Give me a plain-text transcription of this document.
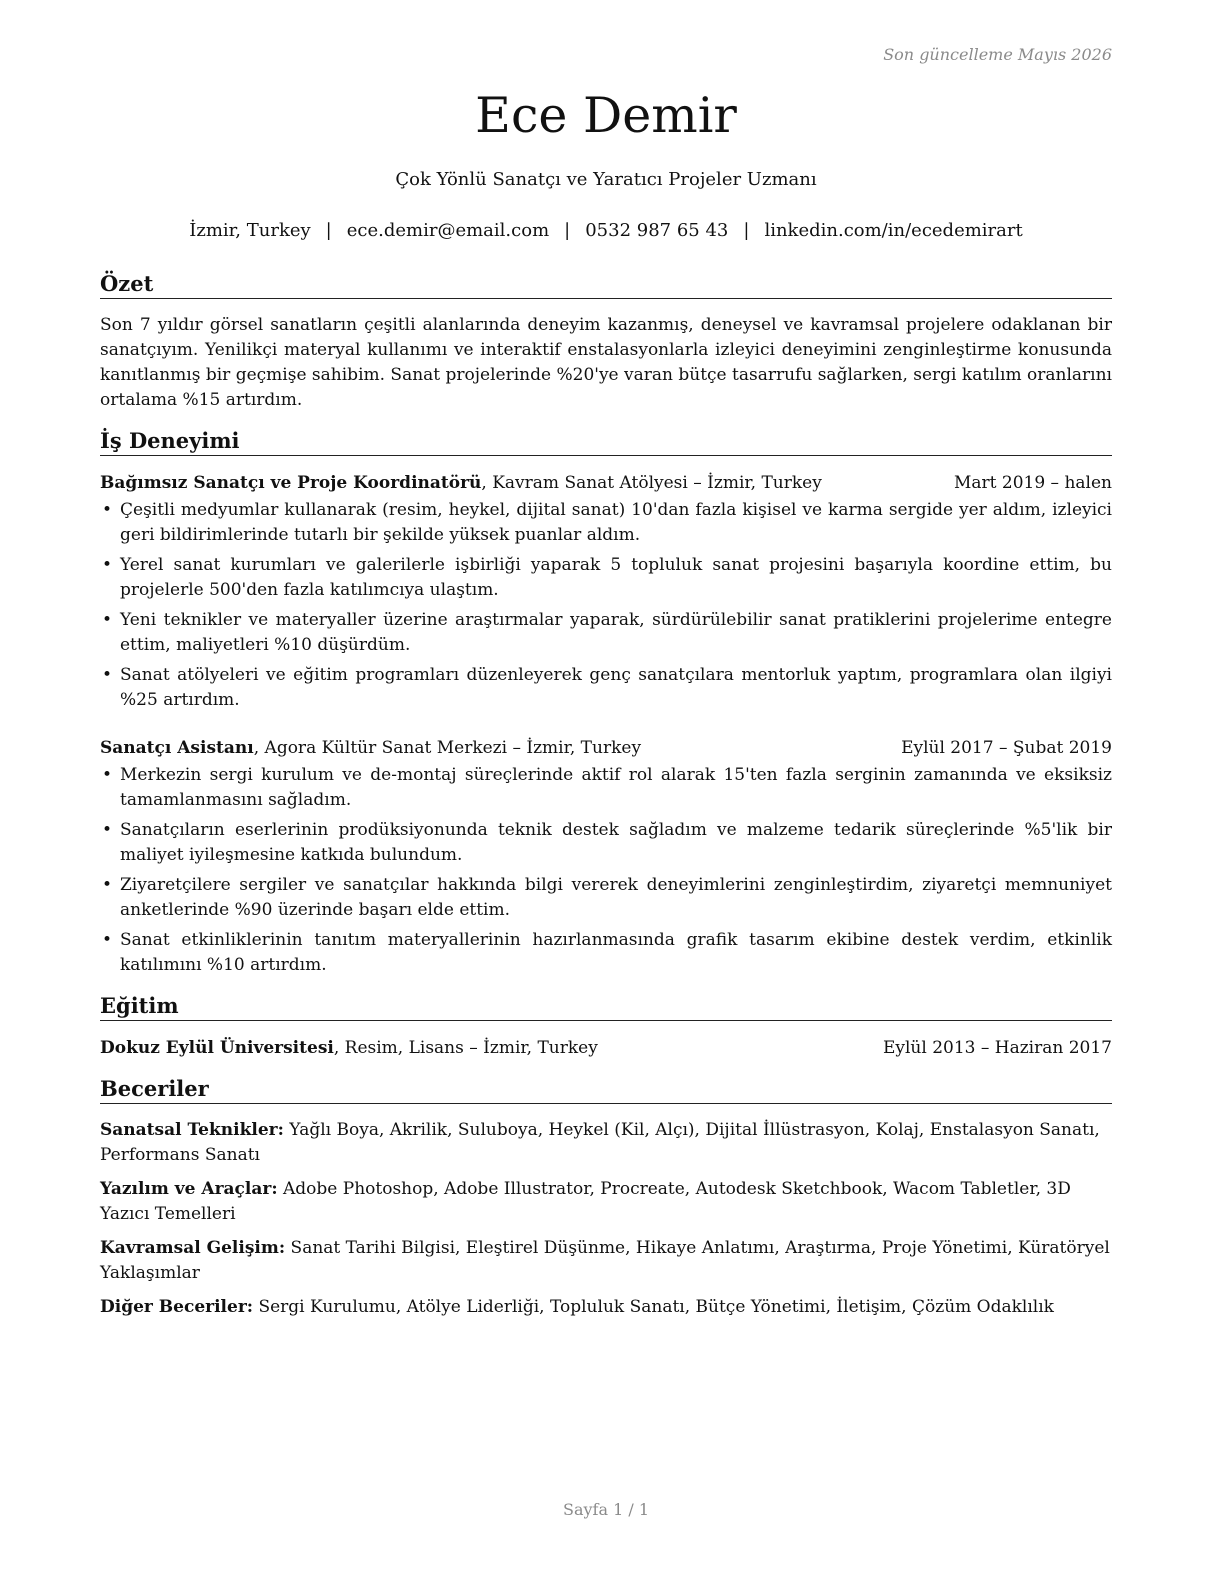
Son güncelleme Mayıs 2026
Ece Demir
Çok Yönlü Sanatçı ve Yaratıcı Projeler Uzmanı
İzmir, Turkey | ece.demir@email.com | 0532 987 65 43 | linkedin.com/in/ecedemirart
Özet

Son 7 yıldır görsel sanatların çeşitli alanlarında deneyim kazanmış, deneysel ve kavramsal projelere odaklanan bir sanatçıyım. Yenilikçi materyal kullanımı ve interaktif enstalasyonlarla izleyici deneyimini zenginleştirme konusunda kanıtlanmış bir geçmişe sahibim. Sanat projelerinde %20'ye varan bütçe tasarrufu sağlarken, sergi katılım oranlarını ortalama %15 artırdım.

İş Deneyimi
Bağımsız Sanatçı ve Proje Koordinatörü, Kavram Sanat Atölyesi – İzmir, Turkey	Mart 2019 – halen
• Çeşitli medyumlar kullanarak (resim, heykel, dijital sanat) 10'dan fazla kişisel ve karma sergide yer aldım, izleyici geri bildirimlerinde tutarlı bir şekilde yüksek puanlar aldım.
• Yerel sanat kurumları ve galerilerle işbirliği yaparak 5 topluluk sanat projesini başarıyla koordine ettim, bu projelerle 500'den fazla katılımcıya ulaştım.
• Yeni teknikler ve materyaller üzerine araştırmalar yaparak, sürdürülebilir sanat pratiklerini projelerime entegre ettim, maliyetleri %10 düşürdüm.
• Sanat atölyeleri ve eğitim programları düzenleyerek genç sanatçılara mentorluk yaptım, programlara olan ilgiyi %25 artırdım.
Sanatçı Asistanı, Agora Kültür Sanat Merkezi – İzmir, Turkey	Eylül 2017 – Şubat 2019
• Merkezin sergi kurulum ve de-montaj süreçlerinde aktif rol alarak 15'ten fazla serginin zamanında ve eksiksiz tamamlanmasını sağladım.
• Sanatçıların eserlerinin prodüksiyonunda teknik destek sağladım ve malzeme tedarik süreçlerinde %5'lik bir maliyet iyileşmesine katkıda bulundum.
• Ziyaretçilere sergiler ve sanatçılar hakkında bilgi vererek deneyimlerini zenginleştirdim, ziyaretçi memnuniyet anketlerinde %90 üzerinde başarı elde ettim.
• Sanat etkinliklerinin tanıtım materyallerinin hazırlanmasında grafik tasarım ekibine destek verdim, etkinlik katılımını %10 artırdım.
Eğitim
Dokuz Eylül Üniversitesi, Resim, Lisans – İzmir, Turkey	Eylül 2013 – Haziran 2017
Beceriler
Sanatsal Teknikler: Yağlı Boya, Akrilik, Suluboya, Heykel (Kil, Alçı), Dijital İllüstrasyon, Kolaj, Enstalasyon Sanatı, Performans Sanatı
Yazılım ve Araçlar: Adobe Photoshop, Adobe Illustrator, Procreate, Autodesk Sketchbook, Wacom Tabletler, 3D Yazıcı Temelleri
Kavramsal Gelişim: Sanat Tarihi Bilgisi, Eleştirel Düşünme, Hikaye Anlatımı, Araştırma, Proje Yönetimi, Küratöryel Yaklaşımlar
Diğer Beceriler: Sergi Kurulumu, Atölye Liderliği, Topluluk Sanatı, Bütçe Yönetimi, İletişim, Çözüm Odaklılık
Sayfa 1 / 1
